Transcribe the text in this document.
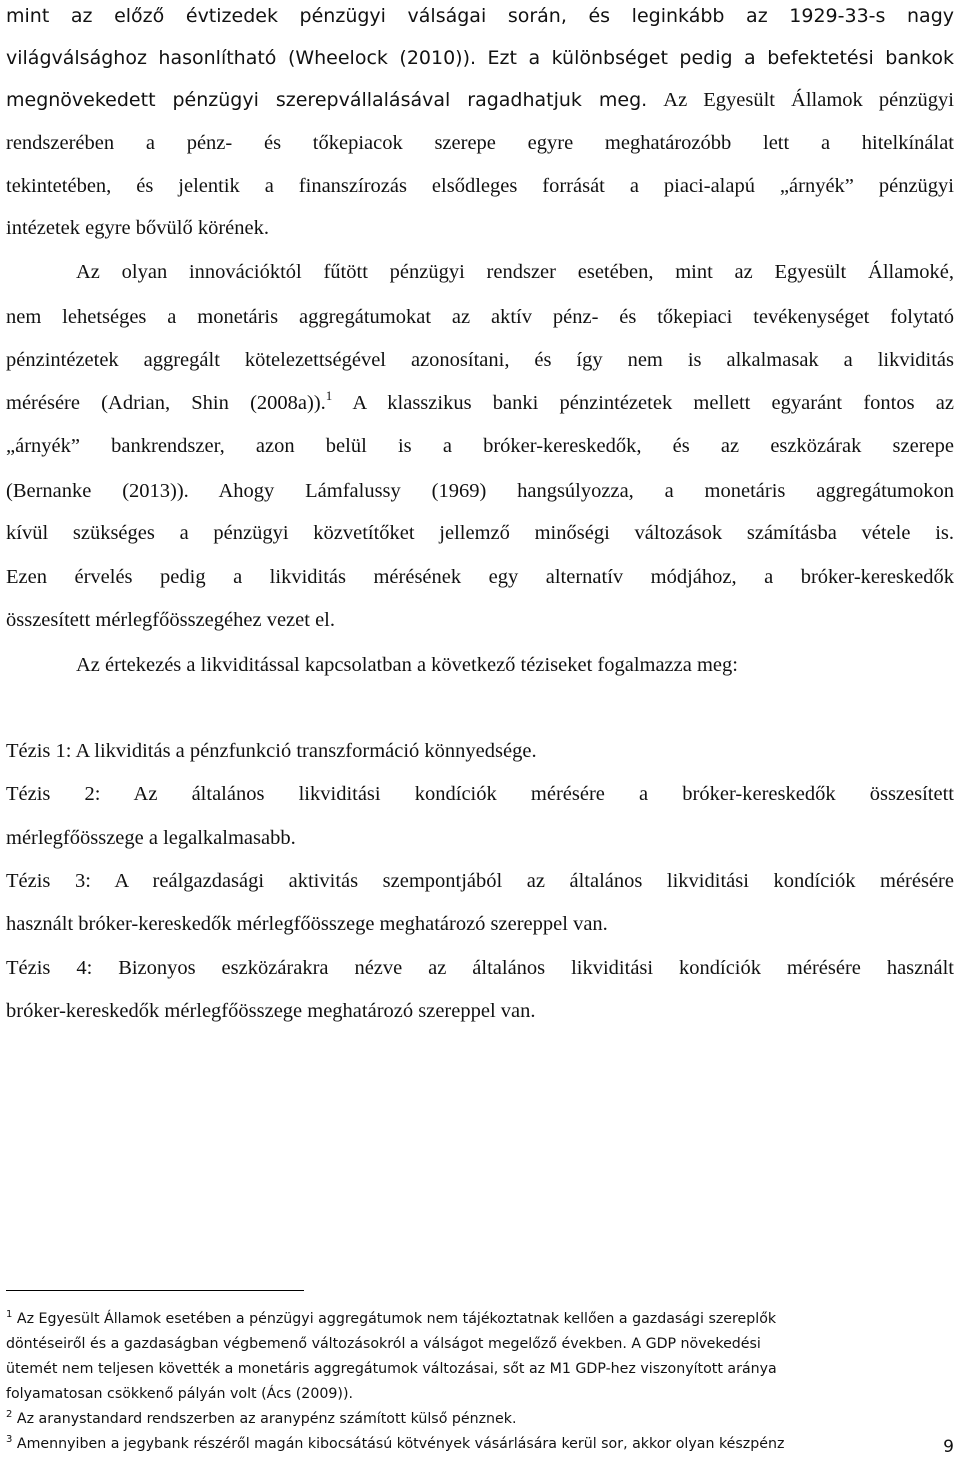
mint az előző évtizedek pénzügyi válságai során, és leginkább az 1929-33-s nagy
világválsághoz hasonlítható (Wheelock (2010)). Ezt a különbséget pedig a befektetési bankok
megnövekedett pénzügyi szerepvállalásával ragadhatjuk meg. Az Egyesült Államok pénzügyi
rendszerében a pénz- és tőkepiacok szerepe egyre meghatározóbb lett a hitelkínálat
tekintetében, és jelentik a finanszírozás elsődleges forrását a piaci-alapú „árnyék” pénzügyi
intézetek egyre bővülő körének.
Az olyan innovációktól fűtött pénzügyi rendszer esetében, mint az Egyesült Államoké,
nem lehetséges a monetáris aggregátumokat az aktív pénz- és tőkepiaci tevékenységet folytató
pénzintézetek aggregált kötelezettségével azonosítani, és így nem is alkalmasak a likviditás
mérésére (Adrian, Shin (2008a)).$^1$ A klasszikus banki pénzintézetek mellett egyaránt fontos az
„árnyék” bankrendszer, azon belül is a bróker-kereskedők, és az eszközárak szerepe
(Bernanke (2013)). Ahogy Lámfalussy (1969) hangsúlyozza, a monetáris aggregátumokon
kívül szükséges a pénzügyi közvetítőket jellemző minőségi változások számításba vétele is.
Ezen érvelés pedig a likviditás mérésének egy alternatív módjához, a bróker-kereskedők
összesített mérlegfőösszegéhez vezet el.
Az értekezés a likviditással kapcsolatban a következő téziseket fogalmazza meg:
Tézis 1: A likviditás a pénzfunkció transzformáció könnyedsége.
Tézis 2: Az általános likviditási kondíciók mérésére a bróker-kereskedők összesített
mérlegfőösszege a legalkalmasabb.
Tézis 3: A reálgazdasági aktivitás szempontjából az általános likviditási kondíciók mérésére
használt bróker-kereskedők mérlegfőösszege meghatározó szereppel van.
Tézis 4: Bizonyos eszközárakra nézve az általános likviditási kondíciók mérésére használt
bróker-kereskedők mérlegfőösszege meghatározó szereppel van.
$^1$ Az Egyesült Államok esetében a pénzügyi aggregátumok nem tájékoztatnak kellően a gazdasági szereplők
döntéseiről és a gazdaságban végbemenő változásokról a válságot megelőző években. A GDP növekedési
ütemét nem teljesen követték a monetáris aggregátumok változásai, sőt az M1 GDP-hez viszonyított aránya
folyamatosan csökkenő pályán volt (Ács (2009)).
$^2$ Az aranystandard rendszerben az aranypénz számított külső pénznek.
$^3$ Amennyiben a jegybank részéről magán kibocsátású kötvények vásárlására kerül sor, akkor olyan készpénz	9
